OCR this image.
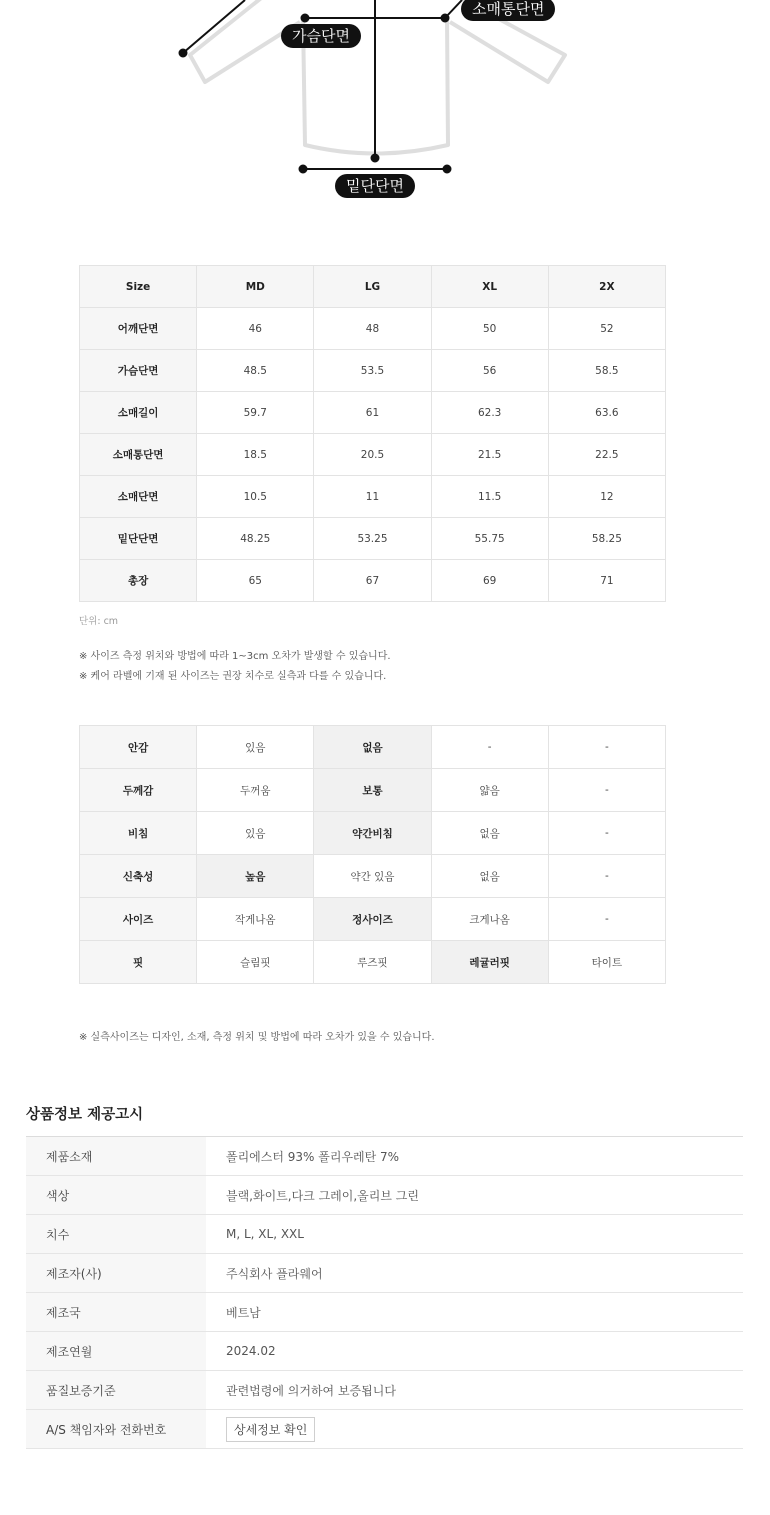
가슴단면
소매통단면
밑단단면
Size	MD	LG	XL	2X
어깨단면	46	48	50	52
가슴단면	48.5	53.5	56	58.5
소매길이	59.7	61	62.3	63.6
소매통단면	18.5	20.5	21.5	22.5
소매단면	10.5	11	11.5	12
밑단단면	48.25	53.25	55.75	58.25
총장	65	67	69	71
단위: cm
※ 사이즈 측정 위치와 방법에 따라 1~3cm 오차가 발생할 수 있습니다.
※ 케어 라벨에 기재 된 사이즈는 권장 치수로 실측과 다를 수 있습니다.
안감	있음	없음	-	-
두께감	두꺼움	보통	얇음	-
비침	있음	약간비침	없음	-
신축성	높음	약간 있음	없음	-
사이즈	작게나옴	정사이즈	크게나옴	-
핏	슬림핏	루즈핏	레귤러핏	타이트
※ 실측사이즈는 디자인, 소재, 측정 위치 및 방법에 따라 오차가 있을 수 있습니다.
상품정보 제공고시
제품소재	폴리에스터 93% 폴리우레탄 7%
색상	블랙,화이트,다크 그레이,올리브 그린
치수	M, L, XL, XXL
제조자(사)	주식회사 플라웨어
제조국	베트남
제조연월	2024.02
품질보증기준	관련법령에 의거하여 보증됩니다
A/S 책임자와 전화번호	상세정보 확인
